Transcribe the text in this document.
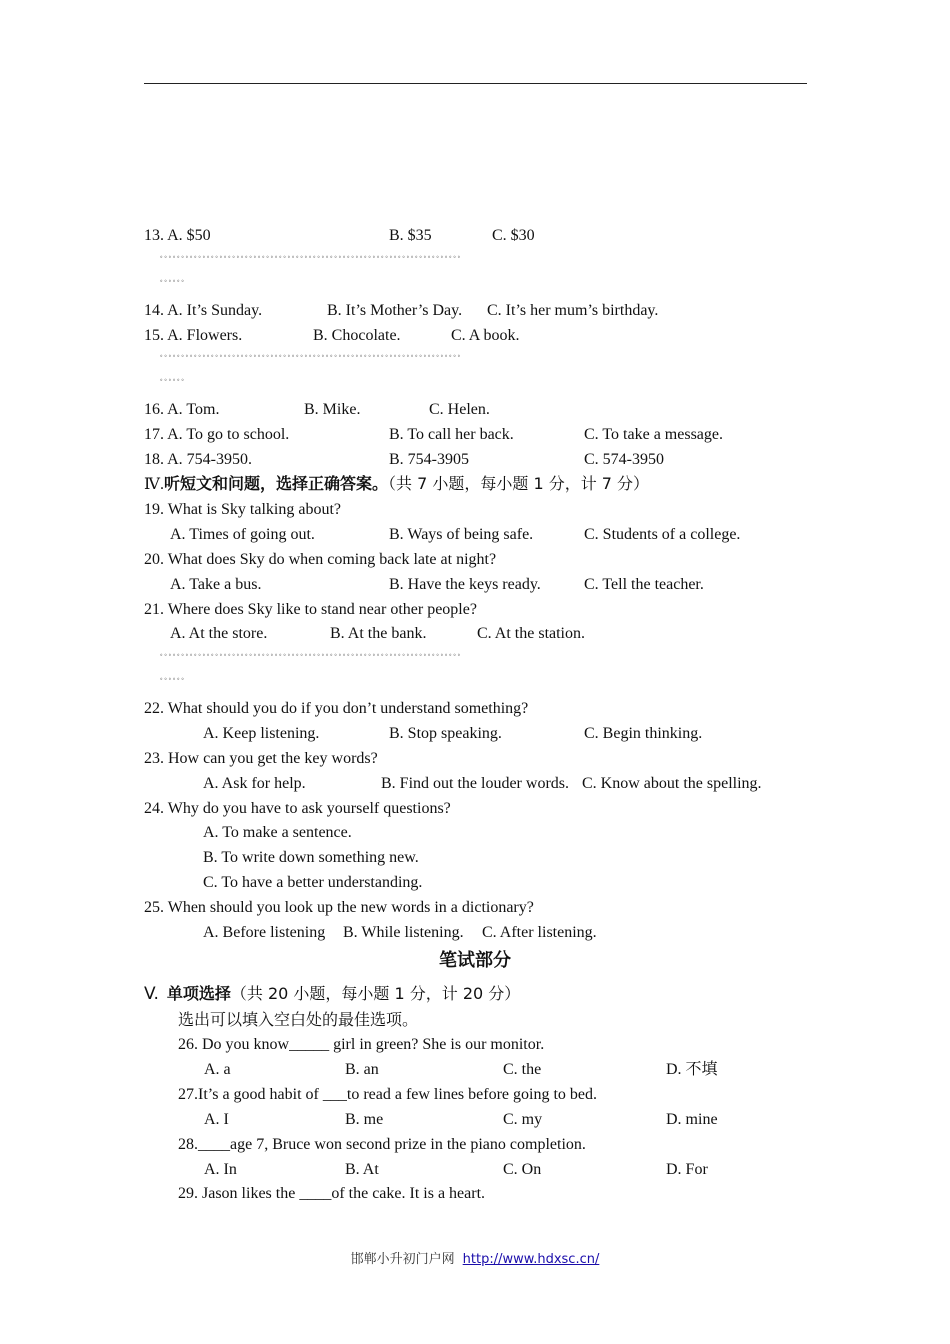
13. A. $50	B. $35	C. $30
ﾟﾟﾟﾟﾟﾟﾟﾟﾟﾟﾟﾟﾟﾟﾟﾟﾟﾟﾟﾟﾟﾟﾟﾟﾟﾟﾟﾟﾟﾟﾟﾟﾟﾟﾟﾟﾟﾟﾟﾟﾟﾟﾟﾟﾟﾟﾟﾟﾟﾟﾟﾟﾟﾟﾟﾟﾟﾟﾟﾟﾟﾟﾟﾟﾟﾟﾟﾟﾟﾟﾟ
ﾟﾟﾟﾟﾟﾟ
14. A. It’s Sunday.	B. It’s Mother’s Day. C. It’s her mum’s birthday.
15. A. Flowers.	B. Chocolate.	C. A book.
ﾟﾟﾟﾟﾟﾟﾟﾟﾟﾟﾟﾟﾟﾟﾟﾟﾟﾟﾟﾟﾟﾟﾟﾟﾟﾟﾟﾟﾟﾟﾟﾟﾟﾟﾟﾟﾟﾟﾟﾟﾟﾟﾟﾟﾟﾟﾟﾟﾟﾟﾟﾟﾟﾟﾟﾟﾟﾟﾟﾟﾟﾟﾟﾟﾟﾟﾟﾟﾟﾟﾟ
ﾟﾟﾟﾟﾟﾟ
16. A. Tom.	B. Mike.	C. Helen.
17. A. To go to school.	B. To call her back.	C. To take a message.
18. A. 754-3950.	B. 754-3905	C. 574-3950
Ⅳ.听短文和问题，选择正确答案。（共 7 小题，每小题 1 分，计 7 分）
19. What is Sky talking about?
A. Times of going out.	B. Ways of being safe.	C. Students of a college.
20. What does Sky do when coming back late at night?
A. Take a bus.	B. Have the keys ready.	C. Tell the teacher.
21. Where does Sky like to stand near other people?
A. At the store.	B. At the bank.	C. At the station.
ﾟﾟﾟﾟﾟﾟﾟﾟﾟﾟﾟﾟﾟﾟﾟﾟﾟﾟﾟﾟﾟﾟﾟﾟﾟﾟﾟﾟﾟﾟﾟﾟﾟﾟﾟﾟﾟﾟﾟﾟﾟﾟﾟﾟﾟﾟﾟﾟﾟﾟﾟﾟﾟﾟﾟﾟﾟﾟﾟﾟﾟﾟﾟﾟﾟﾟﾟﾟﾟﾟﾟ
ﾟﾟﾟﾟﾟﾟ
22. What should you do if you don’t understand something?
A. Keep listening.	B. Stop speaking.	C. Begin thinking.
23. How can you get the key words?
A. Ask for help.	B. Find out the louder words. C. Know about the spelling.
24. Why do you have to ask yourself questions?
A. To make a sentence.
B. To write down something new.
C. To have a better understanding.
25. When should you look up the new words in a dictionary?
A. Before listening B. While listening. C. After listening.
笔试部分
V. 单项选择（共 20 小题，每小题 1 分，计 20 分）
选出可以填入空白处的最佳选项。
26. Do you know_____ girl in green? She is our monitor.
A. a	B. an	C. the	D. 不填
27.It’s a good habit of ___to read a few lines before going to bed.
A. I	B. me	C. my	D. mine
28.____age 7, Bruce won second prize in the piano completion.
A. In	B. At	C. On	D. For
29. Jason likes the ____of the cake. It is a heart.
邯郸小升初门户网 http://www.hdxsc.cn/
